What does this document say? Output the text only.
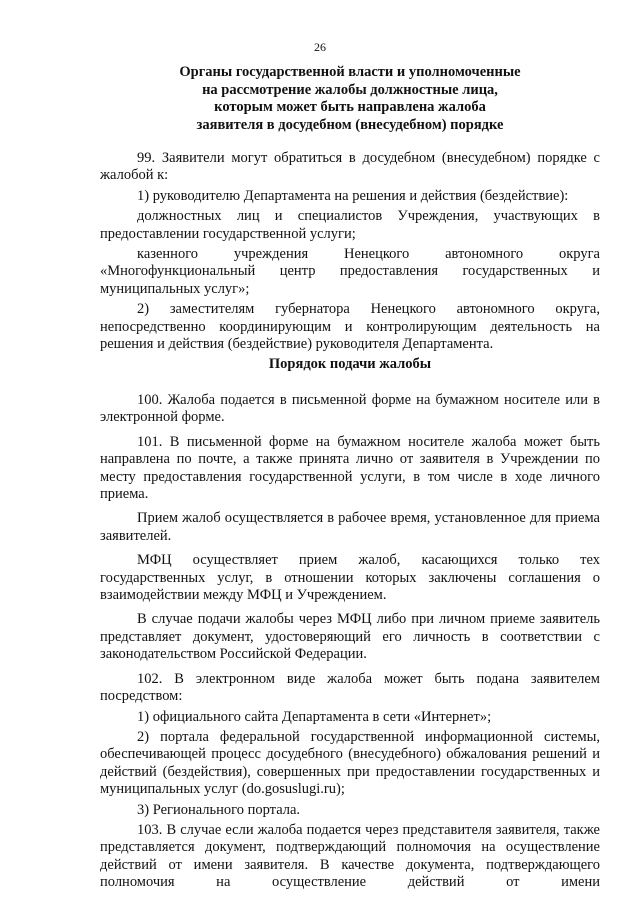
26
Органы государственной власти и уполномоченные
на рассмотрение жалобы должностные лица,
которым может быть направлена жалоба
заявителя в досудебном (внесудебном) порядке

99. Заявители могут обратиться в досудебном (внесудебном) порядке с жалобой к:

1) руководителю Департамента на решения и действия (бездействие):

должностных лиц и специалистов Учреждения, участвующих в предоставлении государственной услуги;

казенного учреждения Ненецкого автономного округа «Многофункциональный центр предоставления государственных и муниципальных услуг»;

2) заместителям губернатора Ненецкого автономного округа, непосредственно координирующим и контролирующим деятельность на решения и действия (бездействие) руководителя Департамента.

Порядок подачи жалобы

100. Жалоба подается в письменной форме на бумажном носителе или в электронной форме.

101. В письменной форме на бумажном носителе жалоба может быть направлена по почте, а также принята лично от заявителя в Учреждении по месту предоставления государственной услуги, в том числе в ходе личного приема.

Прием жалоб осуществляется в рабочее время, установленное для приема заявителей.

МФЦ осуществляет прием жалоб, касающихся только тех государственных услуг, в отношении которых заключены соглашения о взаимодействии между МФЦ и Учреждением.

В случае подачи жалобы через МФЦ либо при личном приеме заявитель представляет документ, удостоверяющий его личность в соответствии с законодательством Российской Федерации.

102. В электронном виде жалоба может быть подана заявителем посредством:

1) официального сайта Департамента в сети «Интернет»;

2) портала федеральной государственной информационной системы, обеспечивающей процесс досудебного (внесудебного) обжалования решений и действий (бездействия), совершенных при предоставлении государственных и муниципальных услуг (do.gosuslugi.ru);

3) Регионального портала.

103. В случае если жалоба подается через представителя заявителя, также представляется документ, подтверждающий полномочия на осуществление действий от имени заявителя. В качестве документа, подтверждающего полномочия на осуществление действий от имени
